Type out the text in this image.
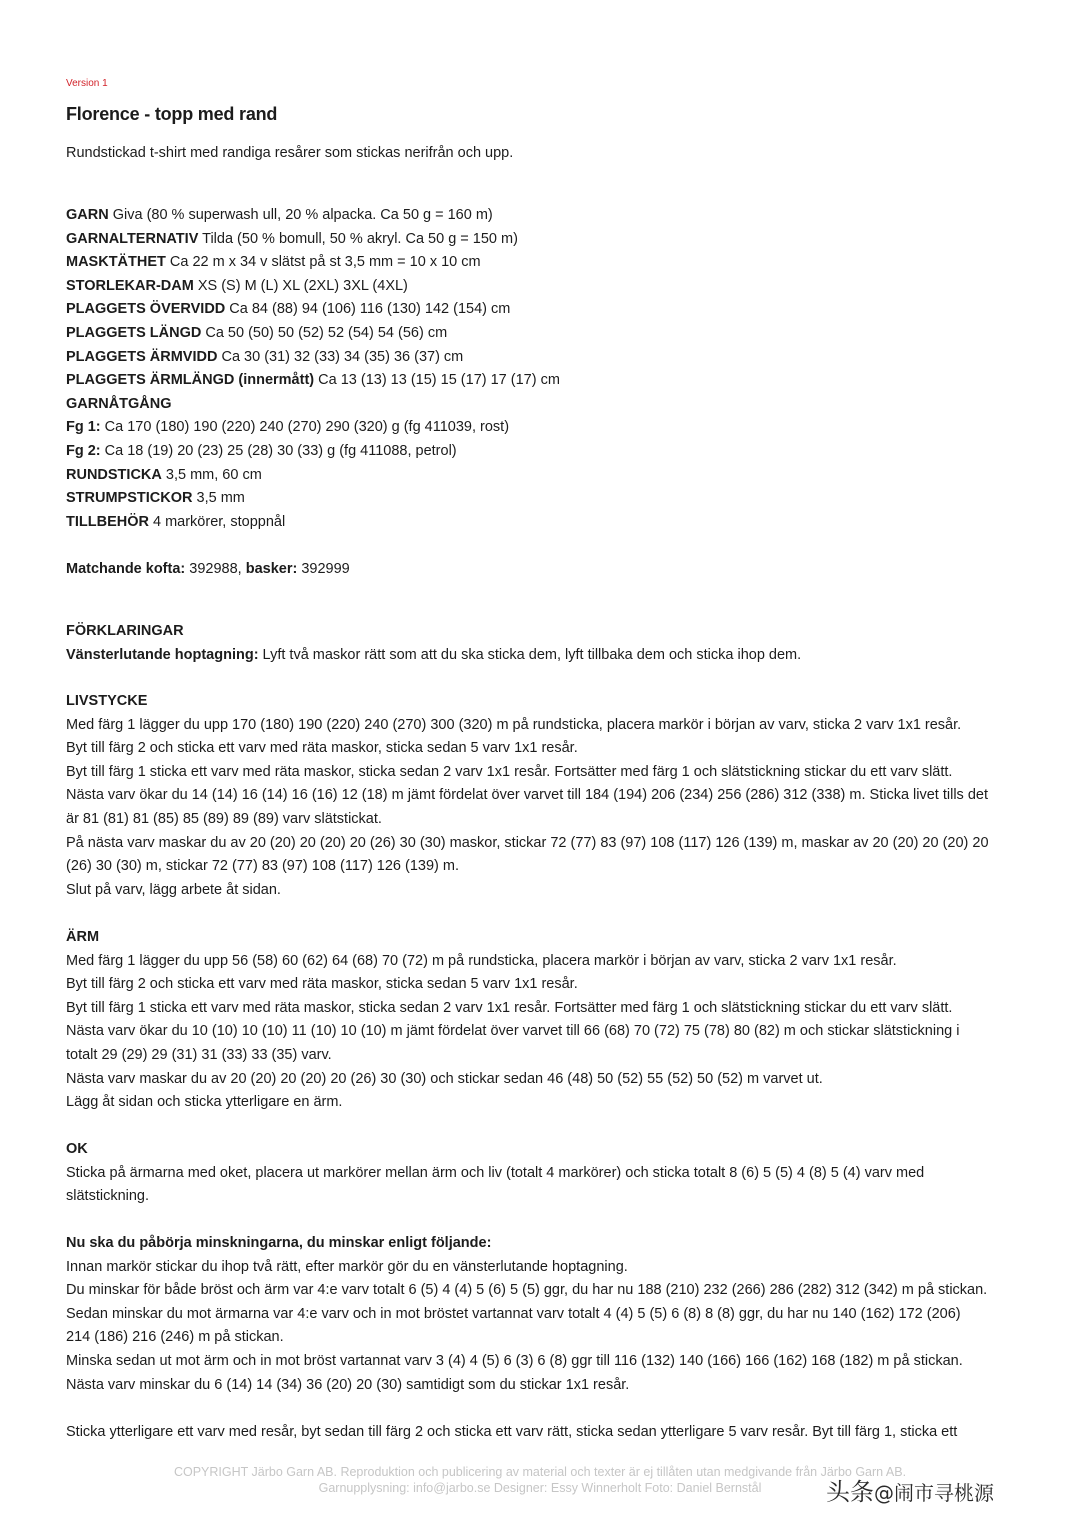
Version 1
Florence - topp med rand

Rundstickad t-shirt med randiga resårer som stickas nerifrån och upp.

GARN Giva (80 % superwash ull, 20 % alpacka. Ca 50 g = 160 m)
GARNALTERNATIV Tilda (50 % bomull, 50 % akryl. Ca 50 g = 150 m)
MASKTÄTHET Ca 22 m x 34 v slätst på st 3,5 mm = 10 x 10 cm
STORLEKAR-DAM XS (S) M (L) XL (2XL) 3XL (4XL)
PLAGGETS ÖVERVIDD Ca 84 (88) 94 (106) 116 (130) 142 (154) cm
PLAGGETS LÄNGD Ca 50 (50) 50 (52) 52 (54) 54 (56) cm
PLAGGETS ÄRMVIDD Ca 30 (31) 32 (33) 34 (35) 36 (37) cm
PLAGGETS ÄRMLÄNGD (innermått) Ca 13 (13) 13 (15) 15 (17) 17 (17) cm
GARNÅTGÅNG
Fg 1: Ca 170 (180) 190 (220) 240 (270) 290 (320) g (fg 411039, rost)
Fg 2: Ca 18 (19) 20 (23) 25 (28) 30 (33) g (fg 411088, petrol)
RUNDSTICKA 3,5 mm, 60 cm
STRUMPSTICKOR 3,5 mm
TILLBEHÖR 4 markörer, stoppnål
Matchande kofta: 392988, basker: 392999
FÖRKLARINGAR

Vänsterlutande hoptagning: Lyft två maskor rätt som att du ska sticka dem, lyft tillbaka dem och sticka ihop dem.

LIVSTYCKE

Med färg 1 lägger du upp 170 (180) 190 (220) 240 (270) 300 (320) m på rundsticka, placera markör i början av varv, sticka 2 varv 1x1 resår.

Byt till färg 2 och sticka ett varv med räta maskor, sticka sedan 5 varv 1x1 resår.

Byt till färg 1 sticka ett varv med räta maskor, sticka sedan 2 varv 1x1 resår. Fortsätter med färg 1 och slätstickning stickar du ett varv slätt.

Nästa varv ökar du 14 (14) 16 (14) 16 (16) 12 (18) m jämt fördelat över varvet till 184 (194) 206 (234) 256 (286) 312 (338) m. Sticka livet tills det

är 81 (81) 81 (85) 85 (89) 89 (89) varv slätstickat.

På nästa varv maskar du av 20 (20) 20 (20) 20 (26) 30 (30) maskor, stickar 72 (77) 83 (97) 108 (117) 126 (139) m, maskar av 20 (20) 20 (20) 20

(26) 30 (30) m, stickar 72 (77) 83 (97) 108 (117) 126 (139) m.

Slut på varv, lägg arbete åt sidan.

ÄRM

Med färg 1 lägger du upp 56 (58) 60 (62) 64 (68) 70 (72) m på rundsticka, placera markör i början av varv, sticka 2 varv 1x1 resår.

Byt till färg 2 och sticka ett varv med räta maskor, sticka sedan 5 varv 1x1 resår.

Byt till färg 1 sticka ett varv med räta maskor, sticka sedan 2 varv 1x1 resår. Fortsätter med färg 1 och slätstickning stickar du ett varv slätt.

Nästa varv ökar du 10 (10) 10 (10) 11 (10) 10 (10) m jämt fördelat över varvet till 66 (68) 70 (72) 75 (78) 80 (82) m och stickar slätstickning i

totalt 29 (29) 29 (31) 31 (33) 33 (35) varv.

Nästa varv maskar du av 20 (20) 20 (20) 20 (26) 30 (30) och stickar sedan 46 (48) 50 (52) 55 (52) 50 (52) m varvet ut.

Lägg åt sidan och sticka ytterligare en ärm.

OK

Sticka på ärmarna med oket, placera ut markörer mellan ärm och liv (totalt 4 markörer) och sticka totalt 8 (6) 5 (5) 4 (8) 5 (4) varv med

slätstickning.

Nu ska du påbörja minskningarna, du minskar enligt följande:

Innan markör stickar du ihop två rätt, efter markör gör du en vänsterlutande hoptagning.

Du minskar för både bröst och ärm var 4:e varv totalt 6 (5) 4 (4) 5 (6) 5 (5) ggr, du har nu 188 (210) 232 (266) 286 (282) 312 (342) m på stickan.

Sedan minskar du mot ärmarna var 4:e varv och in mot bröstet vartannat varv totalt 4 (4) 5 (5) 6 (8) 8 (8) ggr, du har nu 140 (162) 172 (206)

214 (186) 216 (246) m på stickan.

Minska sedan ut mot ärm och in mot bröst vartannat varv 3 (4) 4 (5) 6 (3) 6 (8) ggr till 116 (132) 140 (166) 166 (162) 168 (182) m på stickan.

Nästa varv minskar du 6 (14) 14 (34) 36 (20) 20 (30) samtidigt som du stickar 1x1 resår.

Sticka ytterligare ett varv med resår, byt sedan till färg 2 och sticka ett varv rätt, sticka sedan ytterligare 5 varv resår. Byt till färg 1, sticka ett

COPYRIGHT Järbo Garn AB. Reproduktion och publicering av material och texter är ej tillåten utan medgivande från Järbo Garn AB.
Garnupplysning: info@jarbo.se Designer: Essy Winnerholt Foto: Daniel Bernstål	头条@闹市寻桃源
